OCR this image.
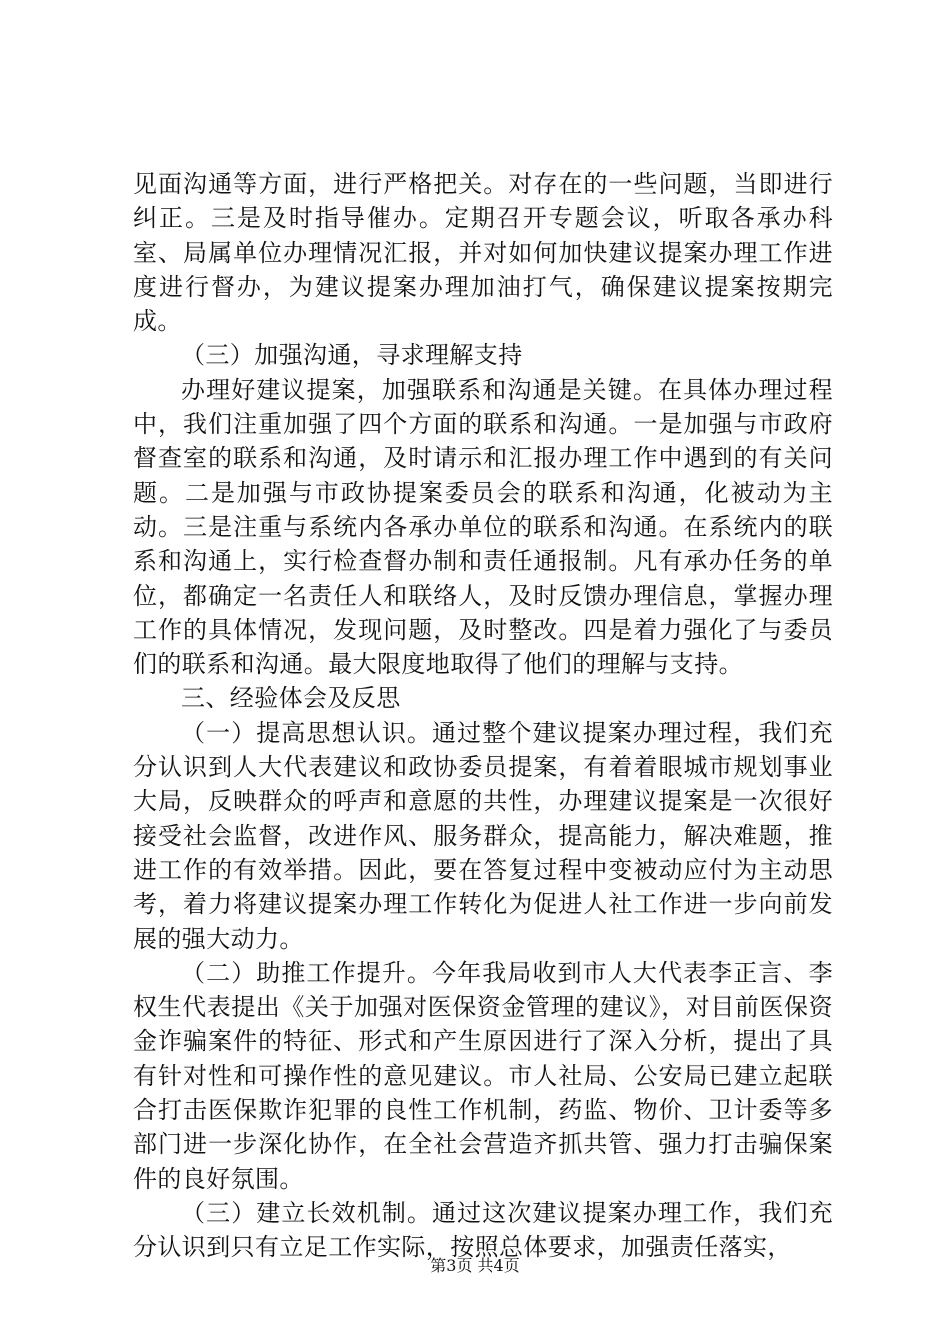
见面沟通等方面，进行严格把关。对存在的一些问题，当即进行纠正。三是及时指导催办。定期召开专题会议，听取各承办科室、局属单位办理情况汇报，并对如何加快建议提案办理工作进度进行督办，为建议提案办理加油打气，确保建议提案按期完成。

（三）加强沟通，寻求理解支持

办理好建议提案，加强联系和沟通是关键。在具体办理过程中，我们注重加强了四个方面的联系和沟通。一是加强与市政府督查室的联系和沟通，及时请示和汇报办理工作中遇到的有关问题。二是加强与市政协提案委员会的联系和沟通，化被动为主动。三是注重与系统内各承办单位的联系和沟通。在系统内的联系和沟通上，实行检查督办制和责任通报制。凡有承办任务的单位，都确定一名责任人和联络人，及时反馈办理信息，掌握办理工作的具体情况，发现问题，及时整改。四是着力强化了与委员们的联系和沟通。最大限度地取得了他们的理解与支持。

三、经验体会及反思

（一）提高思想认识。通过整个建议提案办理过程，我们充分认识到人大代表建议和政协委员提案，有着着眼城市规划事业大局，反映群众的呼声和意愿的共性，办理建议提案是一次很好接受社会监督，改进作风、服务群众，提高能力，解决难题，推进工作的有效举措。因此，要在答复过程中变被动应付为主动思考，着力将建议提案办理工作转化为促进人社工作进一步向前发展的强大动力。

（二）助推工作提升。今年我局收到市人大代表李正言、李权生代表提出《关于加强对医保资金管理的建议》，对目前医保资金诈骗案件的特征、形式和产生原因进行了深入分析，提出了具有针对性和可操作性的意见建议。市人社局、公安局已建立起联合打击医保欺诈犯罪的良性工作机制，药监、物价、卫计委等多部门进一步深化协作，在全社会营造齐抓共管、强力打击骗保案件的良好氛围。

（三）建立长效机制。通过这次建议提案办理工作，我们充分认识到只有立足工作实际，按照总体要求，加强责任落实，

第3页 共4页
